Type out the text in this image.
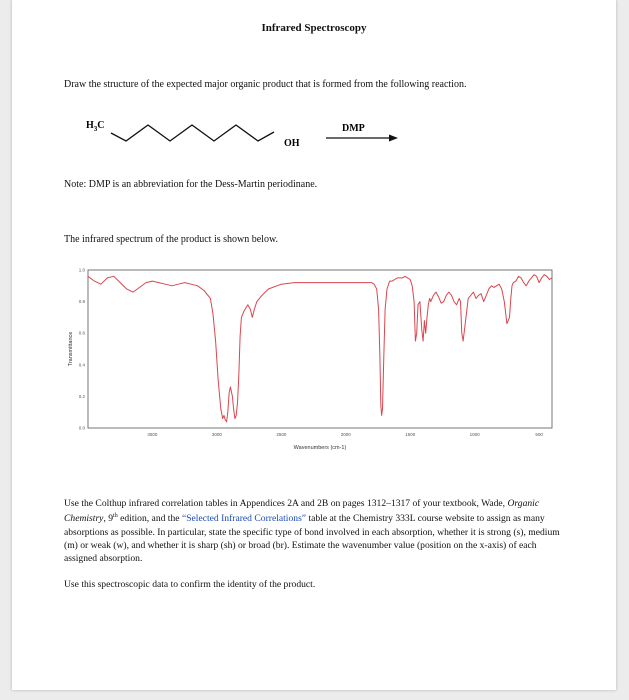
Infrared Spectroscopy
Draw the structure of the expected major organic product that is formed from the following reaction.
$H_3C$
OH
DMP
Note: DMP is an abbreviation for the Dess-Martin periodinane.
The infrared spectrum of the product is shown below.
1.0
0.8
0.6
0.4
0.2
0.0
3500	3000	2500	2000	1500	1000	500
Wavenumbers (cm-1)
Transmittance

Use the Colthup infrared correlation tables in Appendices 2A and 2B on pages 1312–1317 of your textbook, Wade, Organic Chemistry, 9th edition, and the “Selected Infrared Correlations” table at the Chemistry 333L course website to assign as many absorptions as possible. In particular, state the specific type of bond involved in each absorption, whether it is strong (s), medium (m) or weak (w), and whether it is sharp (sh) or broad (br). Estimate the wavenumber value (position on the x-axis) of each assigned absorption.

Use this spectroscopic data to confirm the identity of the product.
